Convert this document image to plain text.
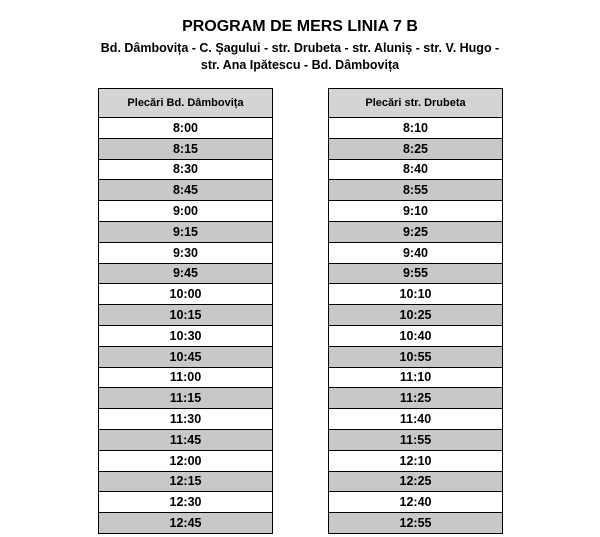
PROGRAM DE MERS LINIA 7 B

Bd. Dâmbovița - C. Șagului - str. Drubeta - str. Aluniș - str. V. Hugo -

str. Ana Ipătescu - Bd. Dâmbovița

Plecări Bd. Dâmbovița
8:00
8:15
8:30
8:45
9:00
9:15
9:30
9:45
10:00
10:15
10:30
10:45
11:00
11:15
11:30
11:45
12:00
12:15
12:30
12:45
Plecări str. Drubeta
8:10
8:25
8:40
8:55
9:10
9:25
9:40
9:55
10:10
10:25
10:40
10:55
11:10
11:25
11:40
11:55
12:10
12:25
12:40
12:55
